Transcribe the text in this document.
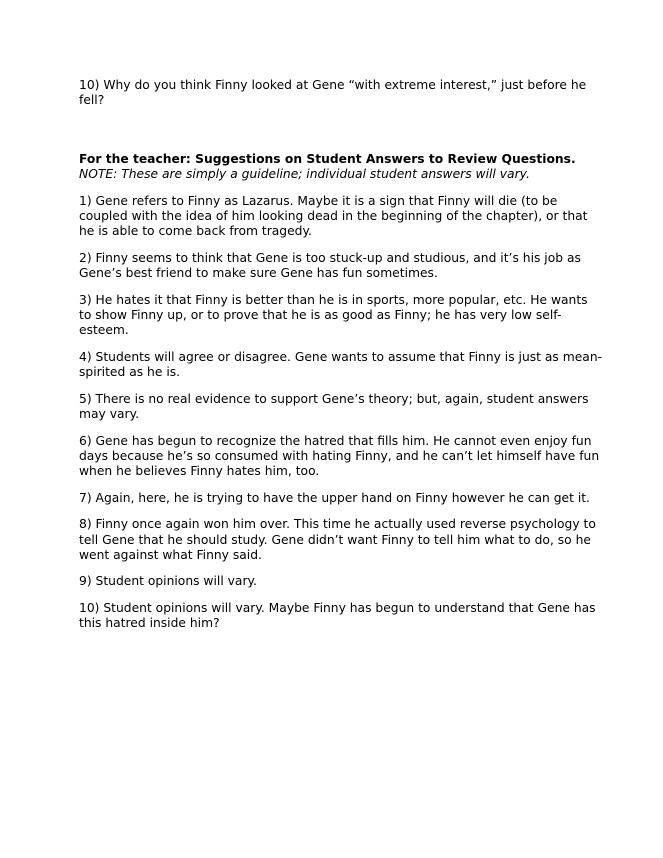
10) Why do you think Finny looked at Gene “with extreme interest,” just before he fell?

For the teacher: Suggestions on Student Answers to Review Questions.

NOTE: These are simply a guideline; individual student answers will vary.

1) Gene refers to Finny as Lazarus. Maybe it is a sign that Finny will die (to be coupled with the idea of him looking dead in the beginning of the chapter), or that he is able to come back from tragedy.

2) Finny seems to think that Gene is too stuck-up and studious, and it’s his job as Gene’s best friend to make sure Gene has fun sometimes.

3) He hates it that Finny is better than he is in sports, more popular, etc. He wants to show Finny up, or to prove that he is as good as Finny; he has very low self-esteem.

4) Students will agree or disagree. Gene wants to assume that Finny is just as mean-spirited as he is.

5) There is no real evidence to support Gene’s theory; but, again, student answers may vary.

6) Gene has begun to recognize the hatred that fills him. He cannot even enjoy fun days because he’s so consumed with hating Finny, and he can’t let himself have fun when he believes Finny hates him, too.

7) Again, here, he is trying to have the upper hand on Finny however he can get it.

8) Finny once again won him over. This time he actually used reverse psychology to tell Gene that he should study. Gene didn’t want Finny to tell him what to do, so he went against what Finny said.

9) Student opinions will vary.

10) Student opinions will vary. Maybe Finny has begun to understand that Gene has this hatred inside him?
